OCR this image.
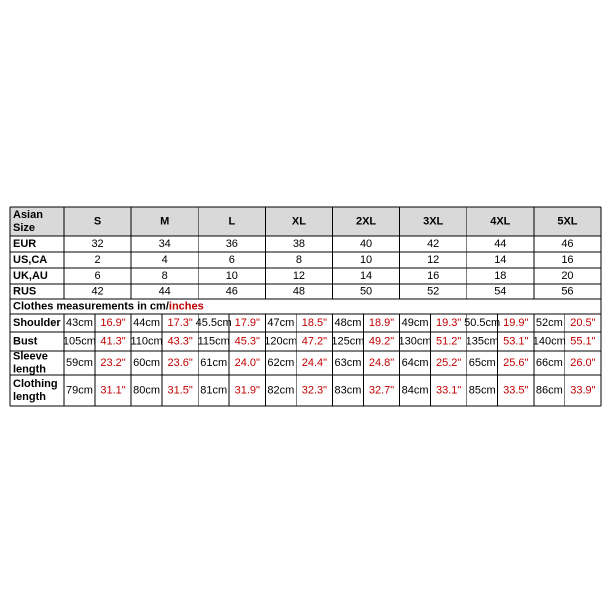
Asian
Size
S	M	L	XL	2XL	3XL	4XL	5XL
EUR	32	34	36	38	40	42	44	46
US,CA	2	4	6	8	10	12	14	16
UK,AU	6	8	10	12	14	16	18	20
RUS	42	44	46	48	50	52	54	56
Clothes measurements in cm/inches
Shoulder 43cm 16.9" 44cm 17.3" 45.5cm 17.9" 47cm 18.5" 48cm 18.9" 49cm 19.3" 50.5cm 19.9" 52cm 20.5"
Bust 105cm 41.3" 110cm 43.3" 115cm 45.3" 120cm 47.2" 125cm 49.2" 130cm 51.2" 135cm 53.1" 140cm 55.1"
Sleeve
length
59cm 23.2" 60cm 23.6" 61cm 24.0" 62cm 24.4" 63cm 24.8" 64cm 25.2" 65cm 25.6" 66cm 26.0"
Clothing
length
79cm 31.1" 80cm 31.5" 81cm 31.9" 82cm 32.3" 83cm 32.7" 84cm 33.1" 85cm 33.5" 86cm 33.9"
